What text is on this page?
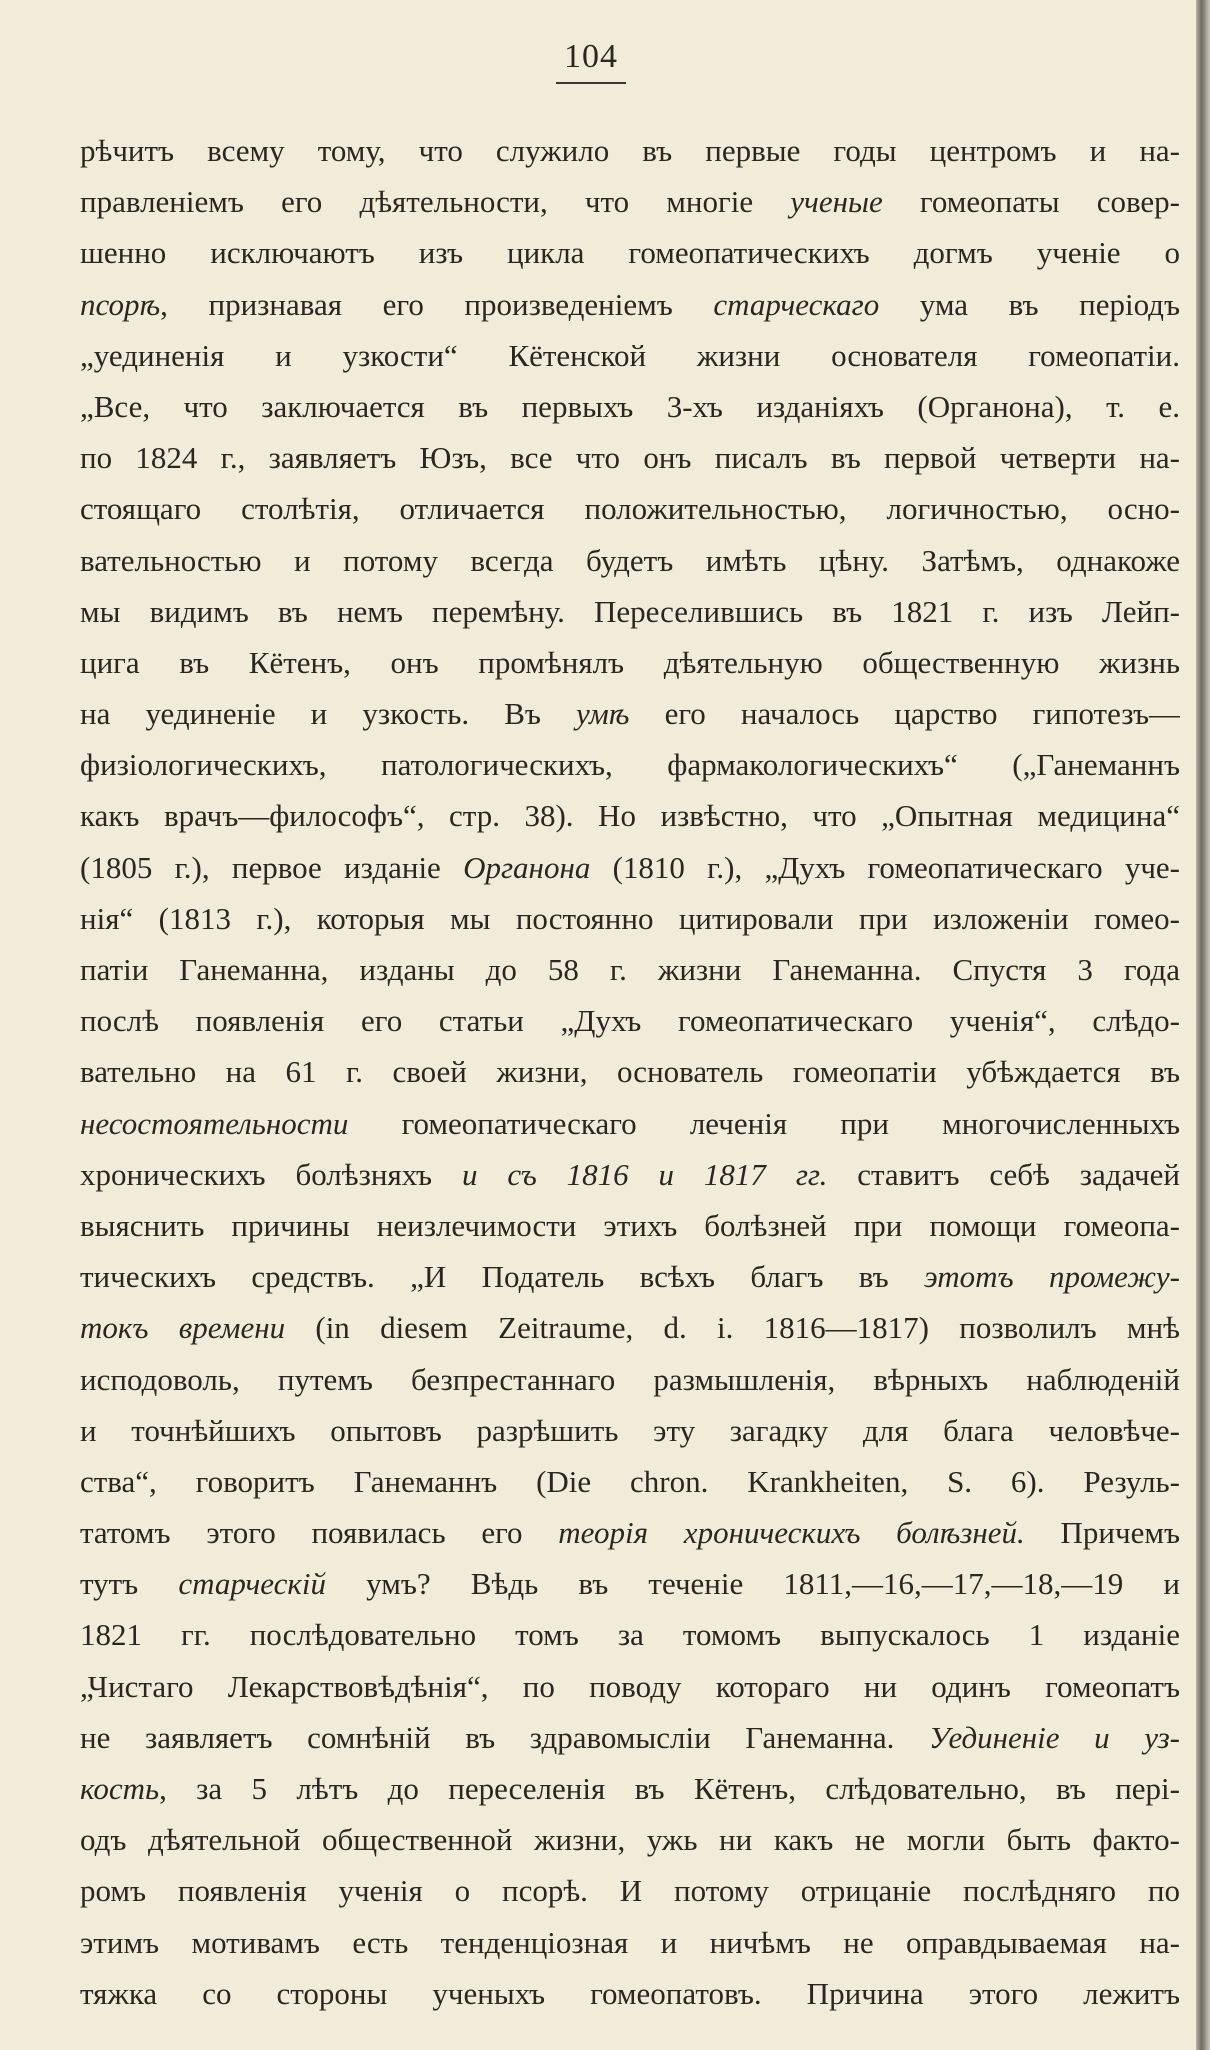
104
рѣчитъ всему тому, что служило въ первые годы центромъ и на-
правленіемъ его дѣятельности, что многіе ученые гомеопаты совер-
шенно исключаютъ изъ цикла гомеопатическихъ догмъ ученіе о
псорѣ, признавая его произведеніемъ старческаго ума въ періодъ
„уединенія и узкости“ Кётенской жизни основателя гомеопатіи.
„Все, что заключается въ первыхъ 3-хъ изданіяхъ (Органона), т. е.
по 1824 г., заявляетъ Юзъ, все что онъ писалъ въ первой четверти на-
стоящаго столѣтія, отличается положительностью, логичностью, осно-
вательностью и потому всегда будетъ имѣть цѣну. Затѣмъ, однакоже
мы видимъ въ немъ перемѣну. Переселившись въ 1821 г. изъ Лейп-
цига въ Кётенъ, онъ промѣнялъ дѣятельную общественную жизнь
на уединеніе и узкость. Въ умѣ его началось царство гипотезъ—
физіологическихъ, патологическихъ, фармакологическихъ“ („Ганеманнъ
какъ врачъ—философъ“, стр. 38). Но извѣстно, что „Опытная медицина“
(1805 г.), первое изданіе Органона (1810 г.), „Духъ гомеопатическаго уче-
нія“ (1813 г.), которыя мы постоянно цитировали при изложеніи гомео-
патіи Ганеманна, изданы до 58 г. жизни Ганеманна. Спустя 3 года
послѣ появленія его статьи „Духъ гомеопатическаго ученія“, слѣдо-
вательно на 61 г. своей жизни, основатель гомеопатіи убѣждается въ
несостоятельности гомеопатическаго леченія при многочисленныхъ
хроническихъ болѣзняхъ и съ 1816 и 1817 гг. ставитъ себѣ задачей
выяснить причины неизлечимости этихъ болѣзней при помощи гомеопа-
тическихъ средствъ. „И Податель всѣхъ благъ въ этотъ промежу-
токъ времени (in diesem Zeitraume, d. i. 1816—1817) позволилъ мнѣ
исподоволь, путемъ безпрестаннаго размышленія, вѣрныхъ наблюденій
и точнѣйшихъ опытовъ разрѣшить эту загадку для блага человѣче-
ства“, говоритъ Ганеманнъ (Die chron. Krankheiten, S. 6). Резуль-
татомъ этого появилась его теорія хроническихъ болѣзней. Причемъ
тутъ старческій умъ? Вѣдь въ теченіе 1811,—16,—17,—18,—19 и
1821 гг. послѣдовательно томъ за томомъ выпускалось 1 изданіе
„Чистаго Лекарствовѣдѣнія“, по поводу котораго ни одинъ гомеопатъ
не заявляетъ сомнѣній въ здравомысліи Ганеманна. Уединеніе и уз-
кость, за 5 лѣтъ до переселенія въ Кётенъ, слѣдовательно, въ пері-
одъ дѣятельной общественной жизни, ужь ни какъ не могли быть факто-
ромъ появленія ученія о псорѣ. И потому отрицаніе послѣдняго по
этимъ мотивамъ есть тенденціозная и ничѣмъ не оправдываемая на-
тяжка со стороны ученыхъ гомеопатовъ. Причина этого лежитъ
